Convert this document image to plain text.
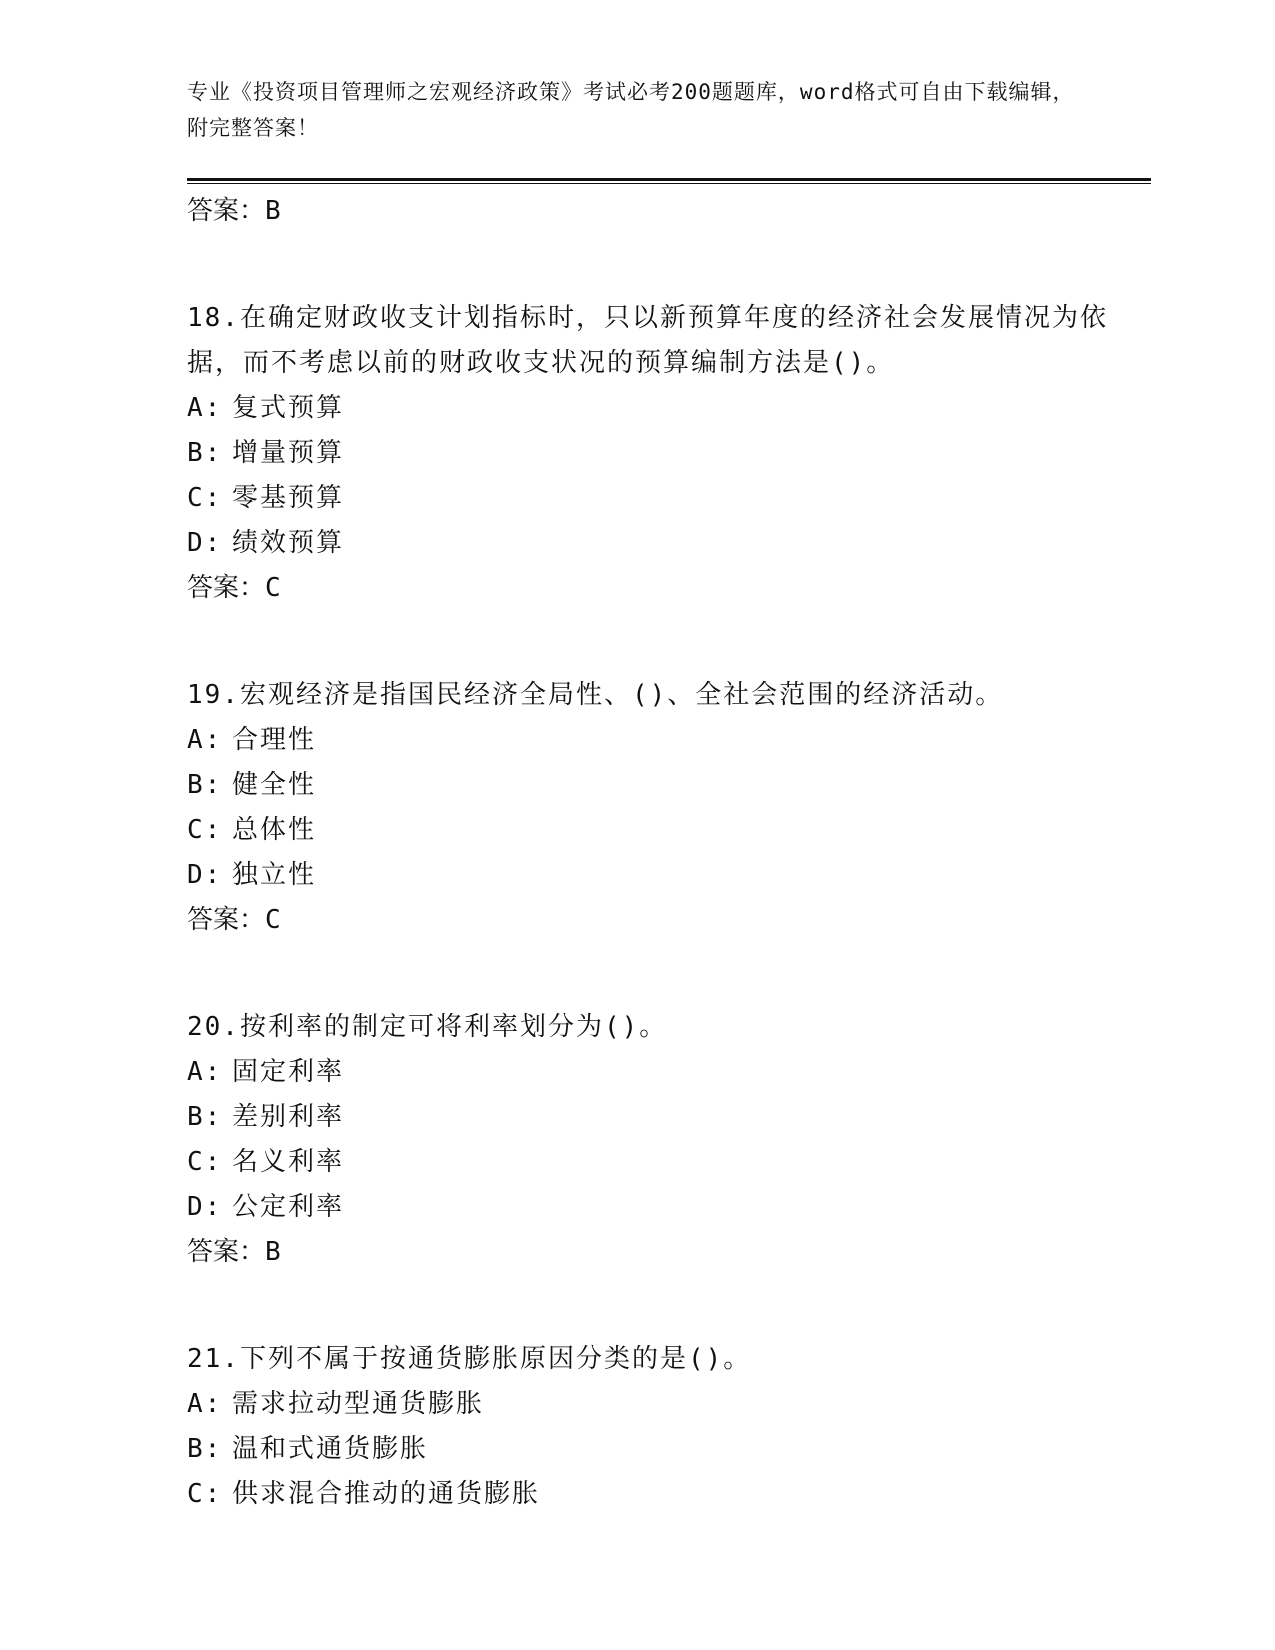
专业《投资项目管理师之宏观经济政策》考试必考200题题库，word格式可自由下载编辑，附完整答案！

答案：B

18.在确定财政收支计划指标时，只以新预算年度的经济社会发展情况为依据，而不考虑以前的财政收支状况的预算编制方法是()。

A: 复式预算

B: 增量预算

C: 零基预算

D: 绩效预算

答案：C

19.宏观经济是指国民经济全局性、()、全社会范围的经济活动。

A: 合理性

B: 健全性

C: 总体性

D: 独立性

答案：C

20.按利率的制定可将利率划分为()。

A: 固定利率

B: 差别利率

C: 名义利率

D: 公定利率

答案：B

21.下列不属于按通货膨胀原因分类的是()。

A: 需求拉动型通货膨胀

B: 温和式通货膨胀

C: 供求混合推动的通货膨胀
